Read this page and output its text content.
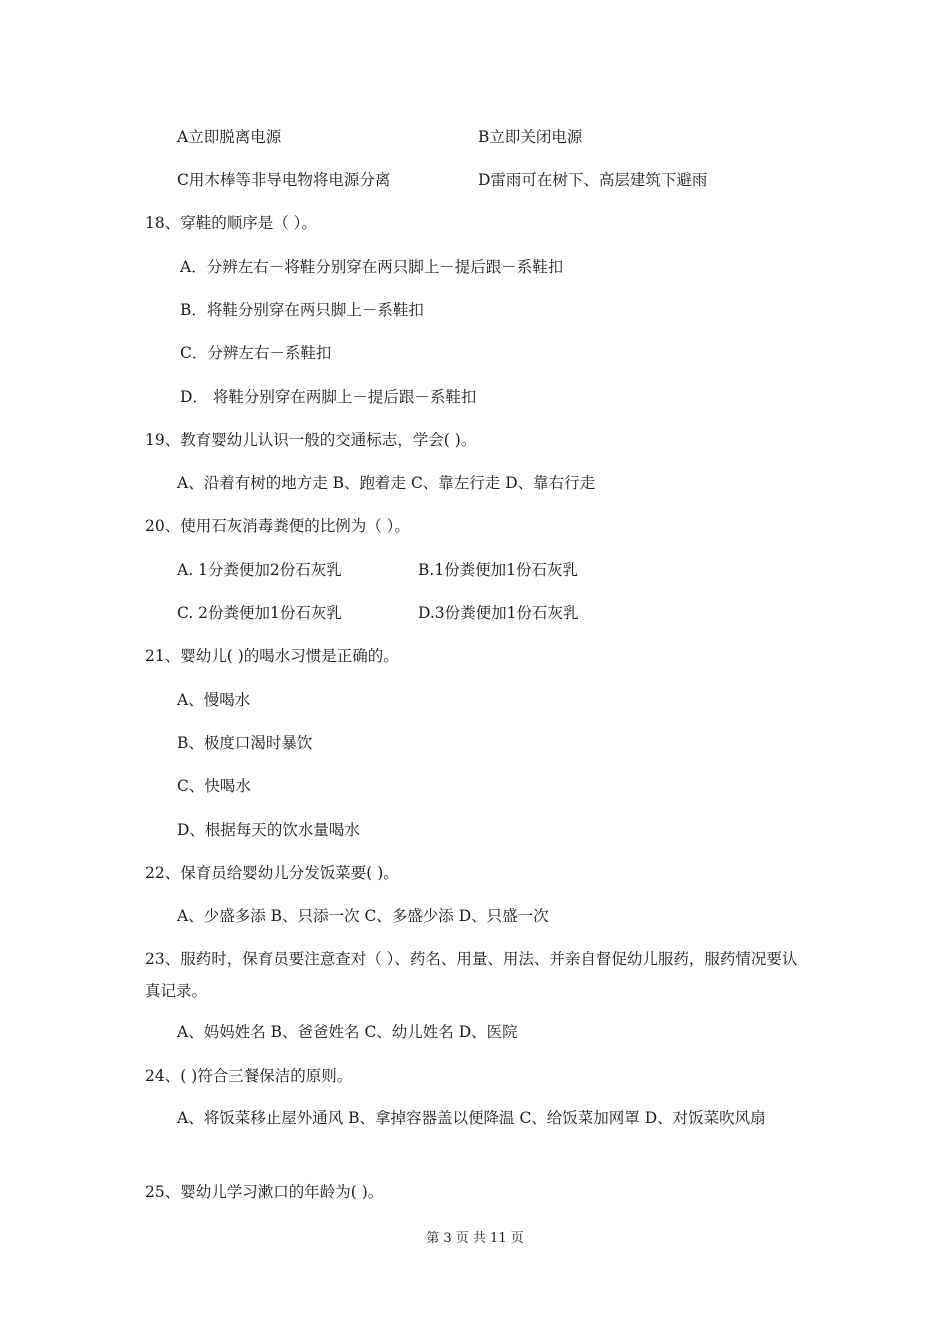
A立即脱离电源	B立即关闭电源
C用木棒等非导电物将电源分离	D雷雨可在树下、高层建筑下避雨
18、穿鞋的顺序是（ ）。
A．分辨左右－将鞋分别穿在两只脚上－提后跟－系鞋扣
B．将鞋分别穿在两只脚上－系鞋扣
C．分辨左右－系鞋扣
D． 将鞋分别穿在两脚上－提后跟－系鞋扣
19、教育婴幼儿认识一般的交通标志，学会( )。
A、沿着有树的地方走 B、跑着走 C、靠左行走 D、靠右行走
20、使用石灰消毒粪便的比例为（ ）。
A. 1分粪便加2份石灰乳	B.1份粪便加1份石灰乳
C. 2份粪便加1份石灰乳	D.3份粪便加1份石灰乳
21、婴幼儿( )的喝水习惯是正确的。
A、慢喝水
B、极度口渴时暴饮
C、快喝水
D、根据每天的饮水量喝水
22、保育员给婴幼儿分发饭菜要( )。
A、少盛多添 B、只添一次 C、多盛少添 D、只盛一次
23、服药时，保育员要注意查对（ ）、药名、用量、用法、并亲自督促幼儿服药，服药情况要认真记录。
A、妈妈姓名 B、爸爸姓名 C、幼儿姓名 D、医院
24、( )符合三餐保洁的原则。
A、将饭菜移止屋外通风 B、拿掉容器盖以便降温 C、给饭菜加网罩 D、对饭菜吹风扇
25、婴幼儿学习漱口的年龄为( )。
第 3 页 共 11 页
